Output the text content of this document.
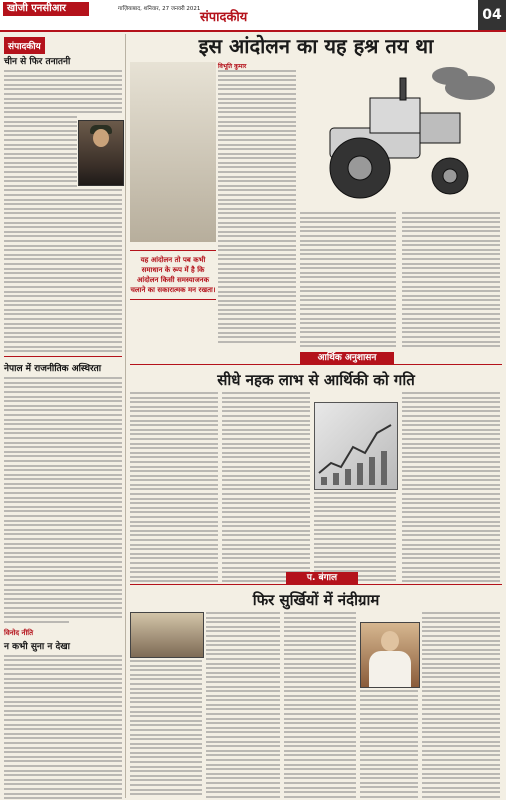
खोजी एनसीआर	गाज़ियाबाद, शनिवार, 27 जनवरी 2021
संपादकीय	04
संपादकीय
चीन से फिर तनातनी
नेपाल में राजनीतिक अस्थिरता
विनोद नीति
न कभी सुना न देखा
इस आंदोलन का यह हश्र तय था
विभूति कुमार
यह आंदोलन तो पब कभी समाधान के रूप में है कि आंदोलन किसी समस्याजनक चलाने का सकारात्मक मन रखता।
आर्थिक अनुशासन
सीधे नहक लाभ से आर्थिकी को गति
प. बंगाल
फिर सुर्खियों में नंदीग्राम
